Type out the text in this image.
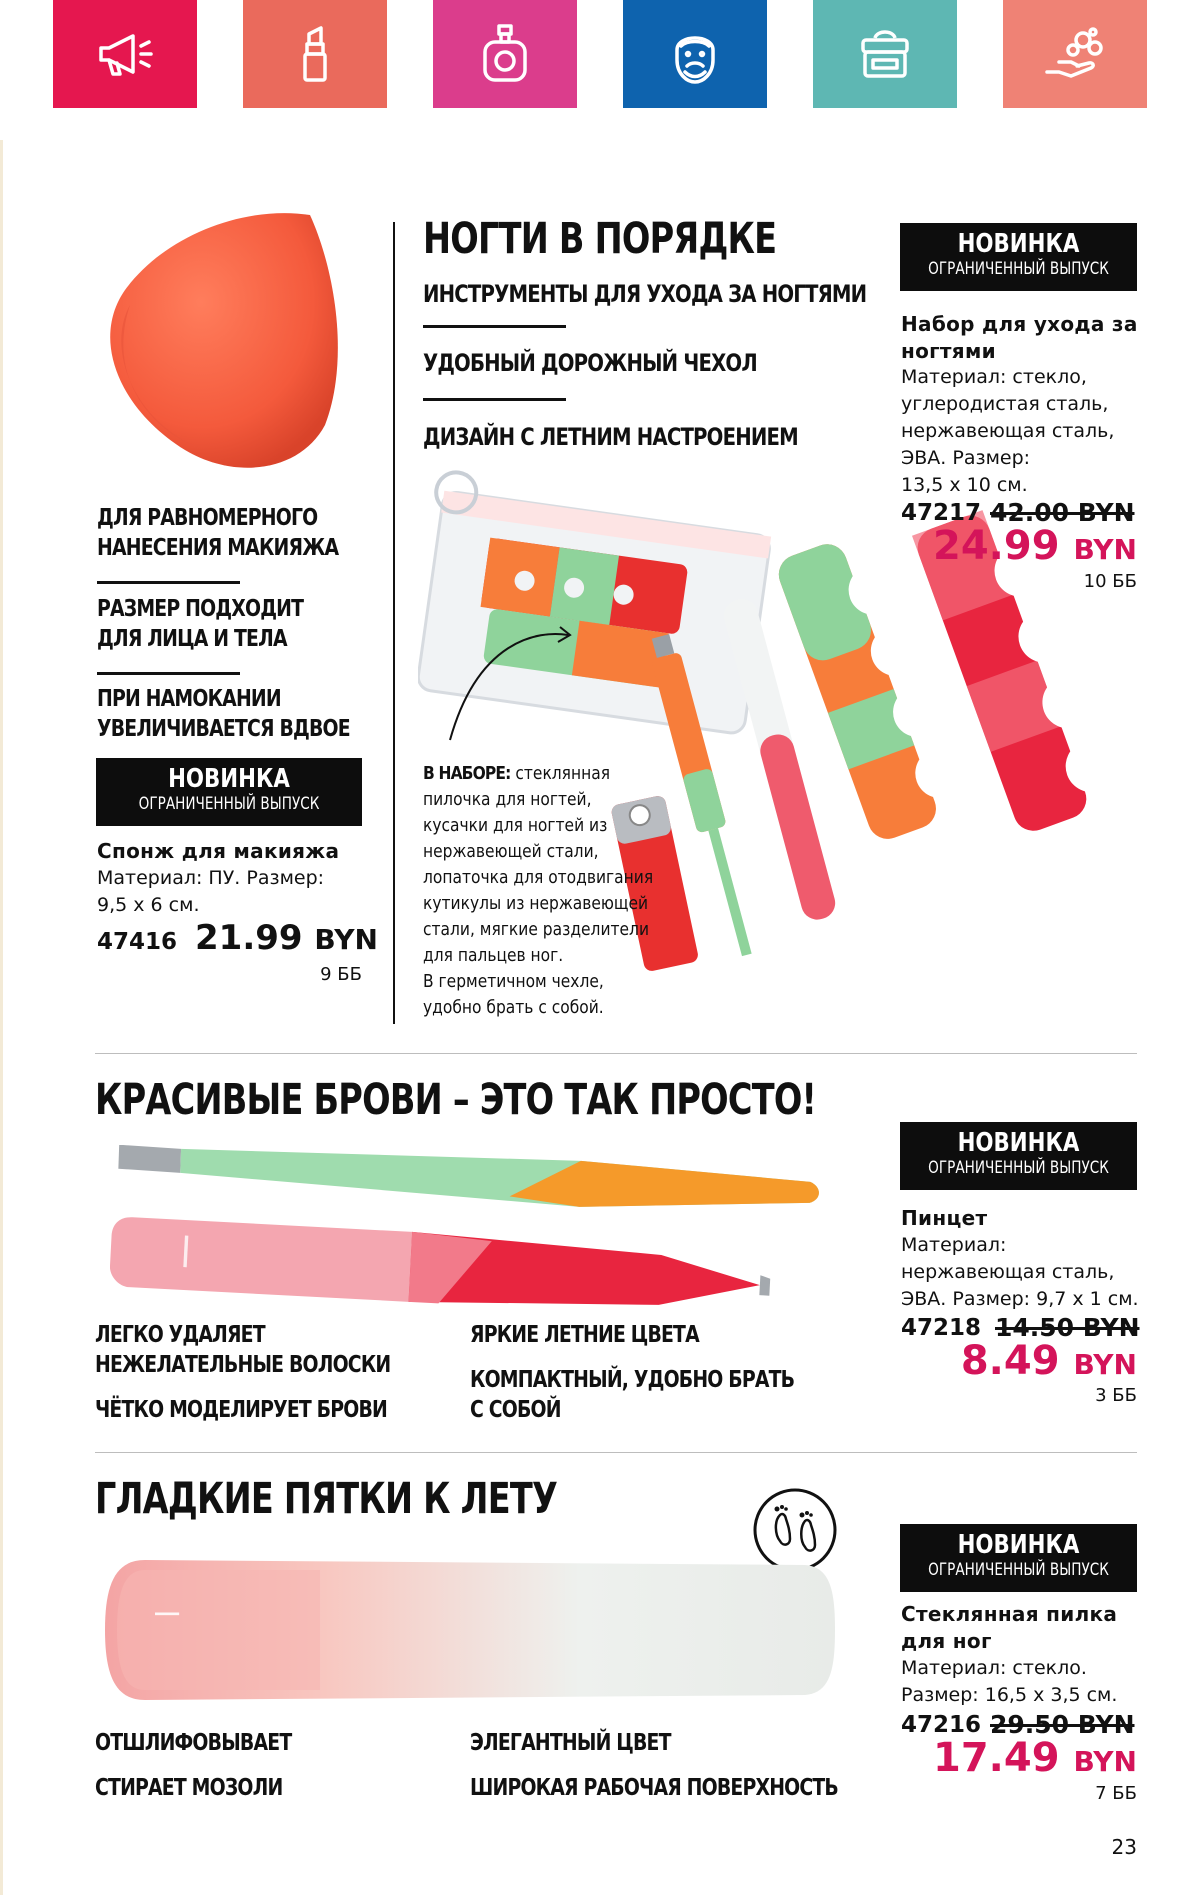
ДЛЯ РАВНОМЕРНОГО
НАНЕСЕНИЯ МАКИЯЖА
РАЗМЕР ПОДХОДИТ
ДЛЯ ЛИЦА И ТЕЛА
ПРИ НАМОКАНИИ
УВЕЛИЧИВАЕТСЯ ВДВОЕ
НОВИНКА
ОГРАНИЧЕННЫЙ ВЫПУСК
Спонж для макияжа
Материал: ПУ. Размер:
9,5 х 6 см.
47416 21.99 BYN
9 ББ
НОГТИ В ПОРЯДКЕ
ИНСТРУМЕНТЫ ДЛЯ УХОДА ЗА НОГТЯМИ
УДОБНЫЙ ДОРОЖНЫЙ ЧЕХОЛ
ДИЗАЙН С ЛЕТНИМ НАСТРОЕНИЕМ
В НАБОРЕ: стеклянная
пилочка для ногтей,
кусачки для ногтей из
нержавеющей стали,
лопаточка для отодвигания
кутикулы из нержавеющей
стали, мягкие разделители
для пальцев ног.
В герметичном чехле,
удобно брать с собой.
НОВИНКА
ОГРАНИЧЕННЫЙ ВЫПУСК
Набор для ухода за
ногтями
Материал: стекло,
углеродистая сталь,
нержавеющая сталь,
ЭВА. Размер:
13,5 х 10 см.
47217 42.00 BYN
24.99 BYN
10 ББ
КРАСИВЫЕ БРОВИ – ЭТО ТАК ПРОСТО!
ꟾ
ЛЕГКО УДАЛЯЕТ
НЕЖЕЛАТЕЛЬНЫЕ ВОЛОСКИ
ЧЁТКО МОДЕЛИРУЕТ БРОВИ
ЯРКИЕ ЛЕТНИЕ ЦВЕТА
КОМПАКТНЫЙ, УДОБНО БРАТЬ
С СОБОЙ
НОВИНКА
ОГРАНИЧЕННЫЙ ВЫПУСК
Пинцет
Материал:
нержавеющая сталь,
ЭВА. Размер: 9,7 х 1 см.
47218 14.50 BYN
8.49 BYN
3 ББ
ГЛАДКИЕ ПЯТКИ К ЛЕТУ
ꟾ
ОТШЛИФОВЫВАЕТ
СТИРАЕТ МОЗОЛИ
ЭЛЕГАНТНЫЙ ЦВЕТ
ШИРОКАЯ РАБОЧАЯ ПОВЕРХНОСТЬ
НОВИНКА
ОГРАНИЧЕННЫЙ ВЫПУСК
Стеклянная пилка
для ног
Материал: стекло.
Размер: 16,5 х 3,5 см.
47216 29.50 BYN
17.49 BYN
7 ББ
23
